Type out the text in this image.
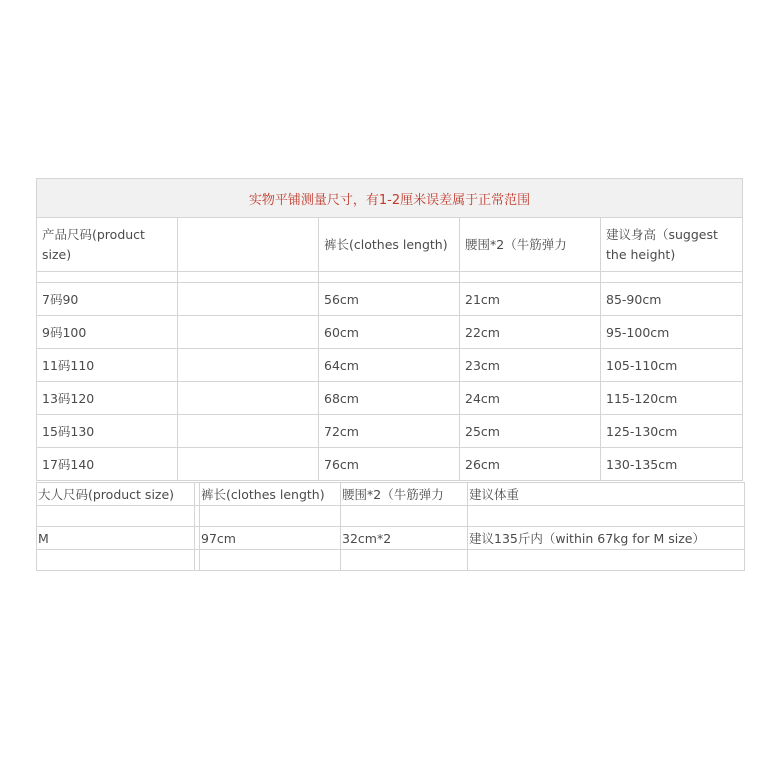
实物平铺测量尺寸，有1-2厘米误差属于正常范围				
产品尺码(product size)		裤长(clothes length)	腰围*2（牛筋弹力	建议身高（suggest the height)

7码90		56cm	21cm	85-90cm
9码100		60cm	22cm	95-100cm
11码110		64cm	23cm	105-110cm
13码120		68cm	24cm	115-120cm
15码130		72cm	25cm	125-130cm
17码140		76cm	26cm	130-135cm
大人尺码(product size)		裤长(clothes length)	腰围*2（牛筋弹力	建议体重

M		97cm	32cm*2	建议135斤内（within 67kg for M size）
